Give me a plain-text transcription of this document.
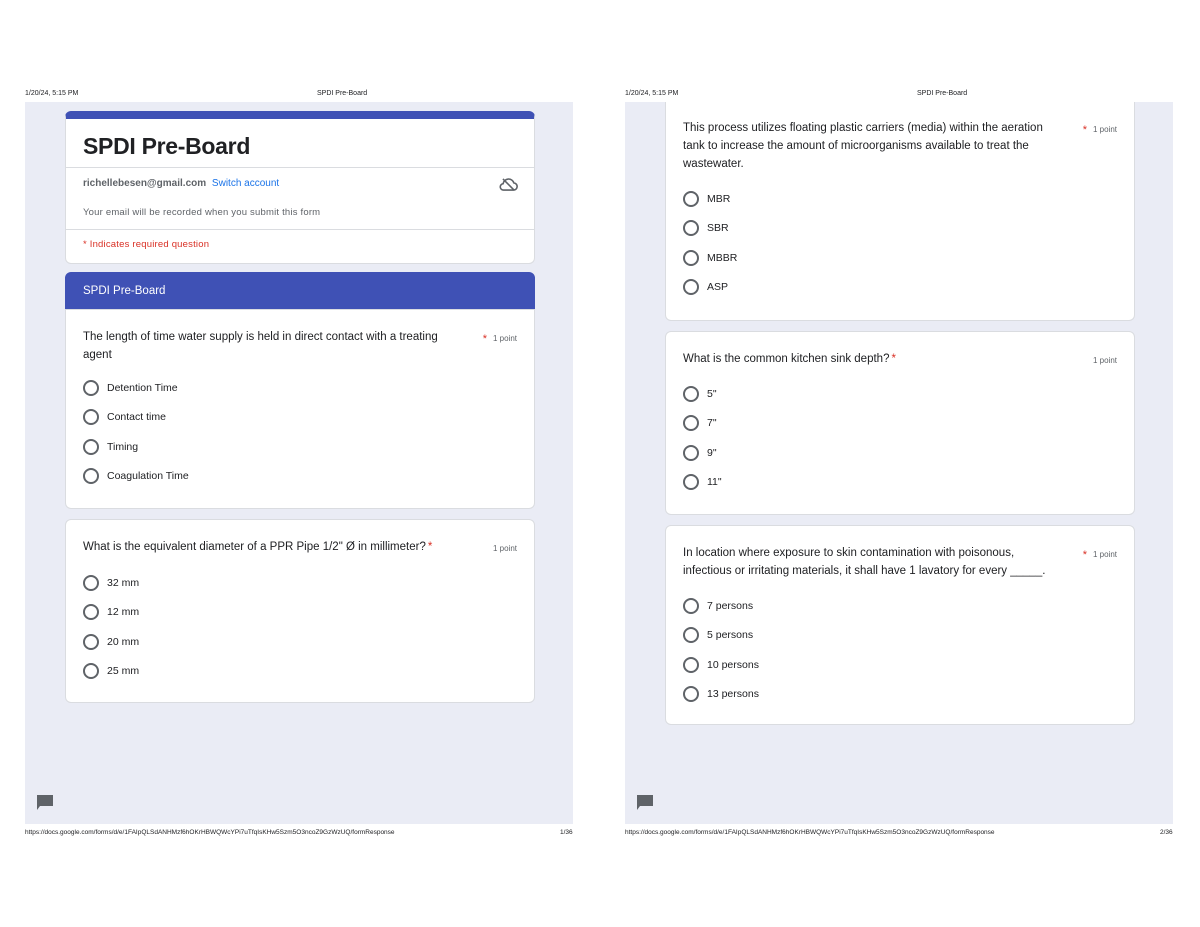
1/20/24, 5:15 PM	SPDI Pre-Board
SPDI Pre-Board
richellebesen@gmail.com Switch account
Your email will be recorded when you submit this form
* Indicates required question
SPDI Pre-Board
The length of time water supply is held in direct contact with a treating agent
* 1 point
Detention Time
Contact time
Timing
Coagulation Time
What is the equivalent diameter of a PPR Pipe 1/2" Ø in millimeter? *	1 point
32 mm
12 mm
20 mm
25 mm
https://docs.google.com/forms/d/e/1FAIpQLSdANHMzf6hOKrHBWQWcYPi7uTfqIsKHw5Szm5O3ncoZ9GzWzUQ/formResponse	1/36
1/20/24, 5:15 PM	SPDI Pre-Board
This process utilizes floating plastic carriers (media) within the aeration tank to increase the amount of microorganisms available to treat the wastewater.
* 1 point
MBR
SBR
MBBR
ASP
What is the common kitchen sink depth? *	1 point
5"
7"
9"
11"
In location where exposure to skin contamination with poisonous, infectious or irritating materials, it shall have 1 lavatory for every _____.
* 1 point
7 persons
5 persons
10 persons
13 persons
https://docs.google.com/forms/d/e/1FAIpQLSdANHMzf6hOKrHBWQWcYPi7uTfqIsKHw5Szm5O3ncoZ9GzWzUQ/formResponse	2/36
